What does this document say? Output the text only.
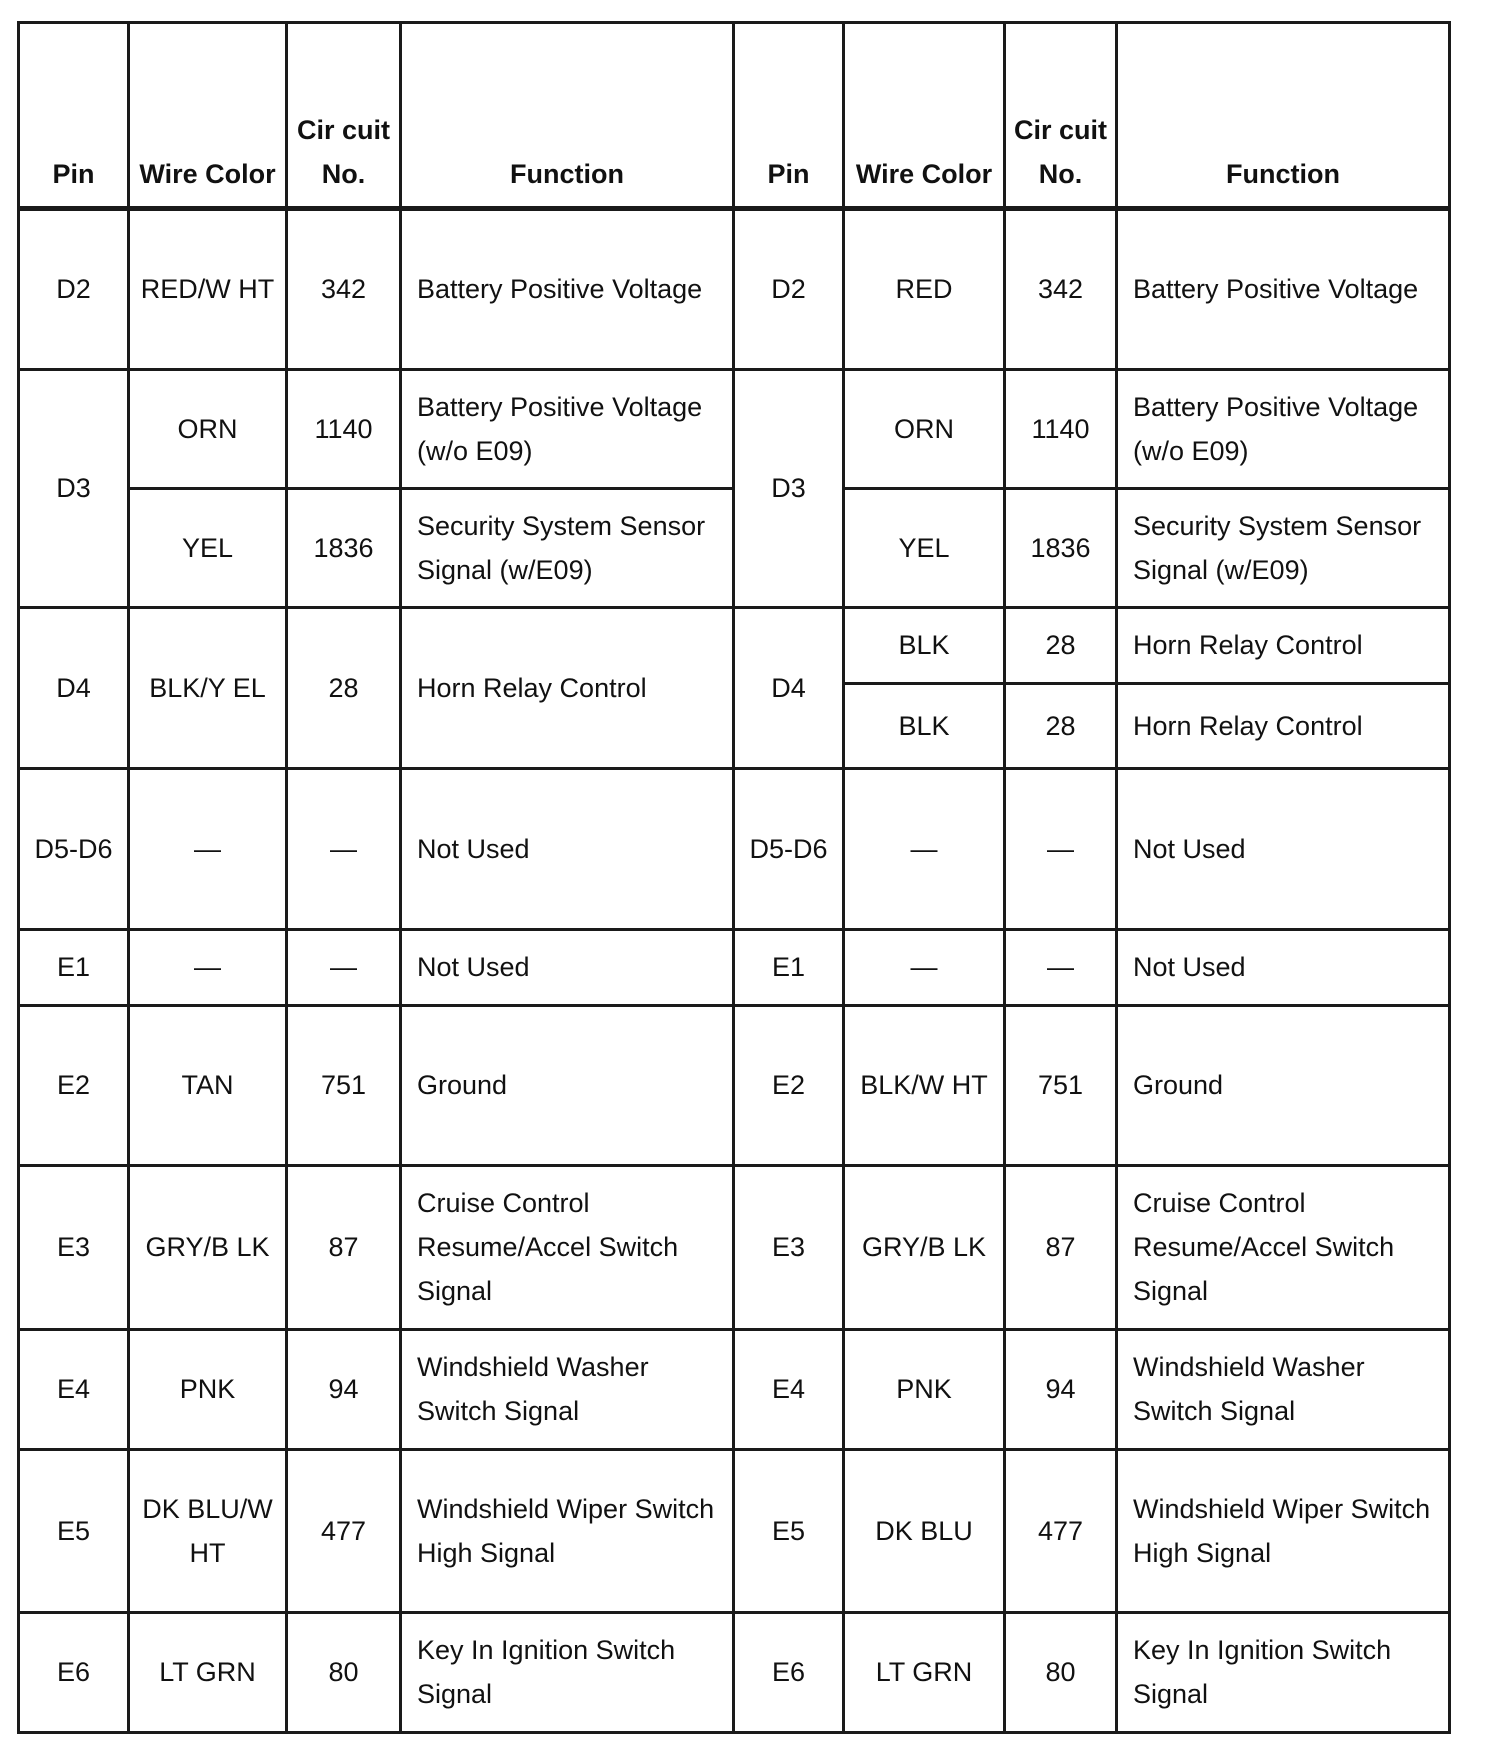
Pin	Wire Color	Cir cuit No.	Function	Pin	Wire Color	Cir cuit No.	Function
D2	RED/W HT	342	Battery Positive Voltage	D2	RED	342	Battery Positive Voltage
D3	ORN	1140	Battery Positive Voltage (w/o E09)	D3	ORN	1140	Battery Positive Voltage (w/o E09)
	YEL	1836	Security System Sensor Signal (w/E09)		YEL	1836	Security System Sensor Signal (w/E09)
D4	BLK/Y EL	28	Horn Relay Control	D4	BLK	28	Horn Relay Control
					BLK	28	Horn Relay Control
D5-D6	—	—	Not Used	D5-D6	—	—	Not Used
E1	—	—	Not Used	E1	—	—	Not Used
E2	TAN	751	Ground	E2	BLK/W HT	751	Ground
E3	GRY/B LK	87	Cruise Control Resume/Accel Switch Signal	E3	GRY/B LK	87	Cruise Control Resume/Accel Switch Signal
E4	PNK	94	Windshield Washer Switch Signal	E4	PNK	94	Windshield Washer Switch Signal
E5	DK BLU/W HT	477	Windshield Wiper Switch High Signal	E5	DK BLU	477	Windshield Wiper Switch High Signal
E6	LT GRN	80	Key In Ignition Switch Signal	E6	LT GRN	80	Key In Ignition Switch Signal
